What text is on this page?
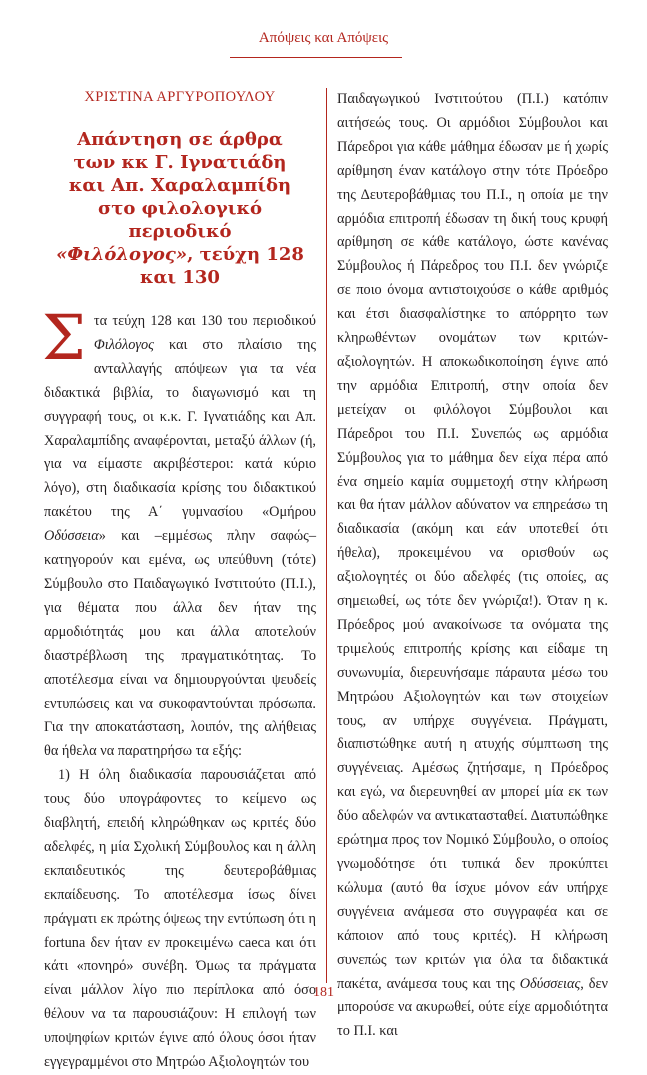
Απόψεις και Απόψεις
ΧΡΙΣΤΙΝΑ ΑΡΓΥΡΟΠΟΥΛΟΥ
Απάντηση σε άρθρα
των κκ Γ. Ιγνατιάδη
και Απ. Χαραλαμπίδη
στο φιλολογικό περιοδικό
«Φιλόλογος», τεύχη 128 και 130

Στα τεύχη 128 και 130 του περιοδικού Φιλόλογος και στο πλαίσιο της ανταλλαγής απόψεων για τα νέα διδακτικά βιβλία, το διαγωνισμό και τη συγγραφή τους, οι κ.κ. Γ. Ιγνατιάδης και Απ. Χαραλαμπίδης αναφέρονται, μεταξύ άλλων (ή, για να είμαστε ακριβέστεροι: κατά κύριο λόγο), στη διαδικασία κρίσης του διδακτικού πακέτου της Α΄ γυμνασίου «Ομήρου Οδύσσεια» και –εμμέσως πλην σαφώς– κατηγορούν και εμένα, ως υπεύθυνη (τότε) Σύμβουλο στο Παιδαγωγικό Ινστιτούτο (Π.Ι.), για θέματα που άλλα δεν ήταν της αρμοδιότητάς μου και άλλα αποτελούν διαστρέβλωση της πραγματικότητας. Το αποτέλεσμα είναι να δημιουργούνται ψευδείς εντυπώσεις και να συκοφαντούνται πρόσωπα. Για την αποκατάσταση, λοιπόν, της αλήθειας θα ήθελα να παρατηρήσω τα εξής:

1) Η όλη διαδικασία παρουσιάζεται από τους δύο υπογράφοντες το κείμενο ως διαβλητή, επειδή κληρώθηκαν ως κριτές δύο αδελφές, η μία Σχολική Σύμβουλος και η άλλη εκπαιδευτικός της δευτεροβάθμιας εκπαίδευσης. Το αποτέλεσμα ίσως δίνει πράγματι εκ πρώτης όψεως την εντύπωση ότι η fortuna δεν ήταν εν προκειμένω caeca και ότι κάτι «πονηρό» συνέβη. Όμως τα πράγματα είναι μάλλον λίγο πιο περίπλοκα από όσο θέλουν να τα παρουσιάζουν: Η επιλογή των υποψηφίων κριτών έγινε από όλους όσοι ήταν εγγεγραμμένοι στο Μητρώο Αξιολογητών του

Παιδαγωγικού Ινστιτούτου (Π.Ι.) κατόπιν αιτήσεώς τους. Οι αρμόδιοι Σύμβουλοι και Πάρεδροι για κάθε μάθημα έδωσαν με ή χωρίς αρίθμηση έναν κατάλογο στην τότε Πρόεδρο της Δευτεροβάθμιας του Π.Ι., η οποία με την αρμόδια επιτροπή έδωσαν τη δική τους κρυφή αρίθμηση σε κάθε κατάλογο, ώστε κανένας Σύμβουλος ή Πάρεδρος του Π.Ι. δεν γνώριζε σε ποιο όνομα αντιστοιχούσε ο κάθε αριθμός και έτσι διασφαλίστηκε το απόρρητο των κληρωθέντων ονομάτων των κριτών-αξιολογητών. Η αποκωδικοποίηση έγινε από την αρμόδια Επιτροπή, στην οποία δεν μετείχαν οι φιλόλογοι Σύμβουλοι και Πάρεδροι του Π.Ι. Συνεπώς ως αρμόδια Σύμβουλος για το μάθημα δεν είχα πέρα από ένα σημείο καμία συμμετοχή στην κλήρωση και θα ήταν μάλλον αδύνατον να επηρεάσω τη διαδικασία (ακόμη και εάν υποτεθεί ότι ήθελα), προκειμένου να ορισθούν ως αξιολογητές οι δύο αδελφές (τις οποίες, ας σημειωθεί, ως τότε δεν γνώριζα!). Όταν η κ. Πρόεδρος μού ανακοίνωσε τα ονόματα της τριμελούς επιτροπής κρίσης και είδαμε τη συνωνυμία, διερευνήσαμε πάραυτα μέσω του Μητρώου Αξιολογητών και των στοιχείων τους, αν υπήρχε συγγένεια. Πράγματι, διαπιστώθηκε αυτή η ατυχής σύμπτωση της συγγένειας. Αμέσως ζητήσαμε, η Πρόεδρος και εγώ, να διερευνηθεί αν μπορεί μία εκ των δύο αδελφών να αντικατασταθεί. Διατυπώθηκε ερώτημα προς τον Νομικό Σύμβουλο, ο οποίος γνωμοδότησε ότι τυπικά δεν προκύπτει κώλυμα (αυτό θα ίσχυε μόνον εάν υπήρχε συγγένεια ανάμεσα στο συγγραφέα και σε κάποιον από τους κριτές). Η κλήρωση συνεπώς των κριτών για όλα τα διδακτικά πακέτα, ανάμεσα τους και της Οδύσσειας, δεν μπορούσε να ακυρωθεί, ούτε είχε αρμοδιότητα το Π.Ι. και

181
